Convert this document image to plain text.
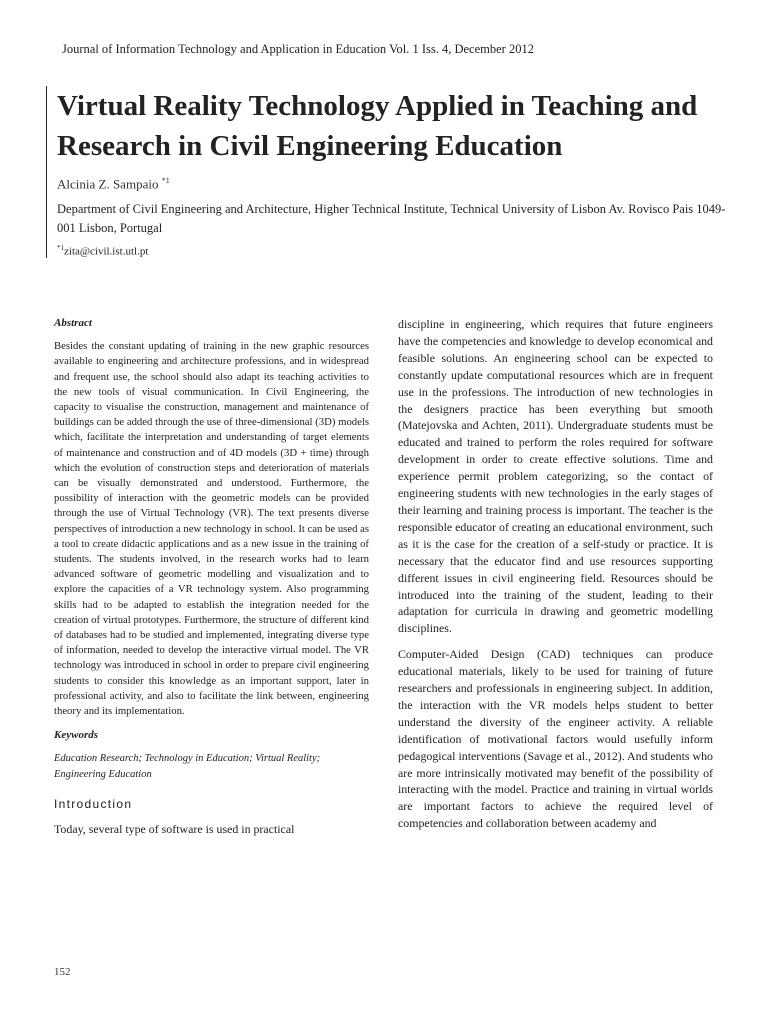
Journal of Information Technology and Application in Education Vol. 1 Iss. 4, December 2012
Virtual Reality Technology Applied in Teaching and Research in Civil Engineering Education
Alcinia Z. Sampaio $^{*1}$
Department of Civil Engineering and Architecture, Higher Technical Institute, Technical University of Lisbon Av. Rovisco Pais 1049-001 Lisbon, Portugal
$^{*1}$zita@civil.ist.utl.pt
Abstract

Besides the constant updating of training in the new graphic resources available to engineering and architecture professions, and in widespread and frequent use, the school should also adapt its teaching activities to the new tools of visual communication. In Civil Engineering, the capacity to visualise the construction, management and maintenance of buildings can be added through the use of three-dimensional (3D) models which, facilitate the interpretation and understanding of target elements of maintenance and construction and of 4D models (3D + time) through which the evolution of construction steps and deterioration of materials can be visually demonstrated and understood. Furthermore, the possibility of interaction with the geometric models can be provided through the use of Virtual Technology (VR). The text presents diverse perspectives of introduction a new technology in school. It can be used as a tool to create didactic applications and as a new issue in the training of students. The students involved, in the research works had to learn advanced software of geometric modelling and visualization and to explore the capacities of a VR technology system. Also programming skills had to be adapted to establish the integration needed for the creation of virtual prototypes. Furthermore, the structure of different kind of databases had to be studied and implemented, integrating diverse type of information, needed to develop the interactive virtual model. The VR technology was introduced in school in order to prepare civil engineering students to consider this knowledge as an important support, later in professional activity, and also to facilitate the link between, engineering theory and its implementation.

Keywords

Education Research; Technology in Education; Virtual Reality; Engineering Education

Introduction

Today, several type of software is used in practical

discipline in engineering, which requires that future engineers have the competencies and knowledge to develop economical and feasible solutions. An engineering school can be expected to constantly update computational resources which are in frequent use in the professions. The introduction of new technologies in the designers practice has been everything but smooth (Matejovska and Achten, 2011). Undergraduate students must be educated and trained to perform the roles required for software development in order to create effective solutions. Time and experience permit problem categorizing, so the contact of engineering students with new technologies in the early stages of their learning and training process is important. The teacher is the responsible educator of creating an educational environment, such as it is the case for the creation of a self-study or practice. It is necessary that the educator find and use resources supporting different issues in civil engineering field. Resources should be introduced into the training of the student, leading to their adaptation for curricula in drawing and geometric modelling disciplines.

Computer-Aided Design (CAD) techniques can produce educational materials, likely to be used for training of future researchers and professionals in engineering subject. In addition, the interaction with the VR models helps student to better understand the diversity of the engineer activity. A reliable identification of motivational factors would usefully inform pedagogical interventions (Savage et al., 2012). And students who are more intrinsically motivated may benefit of the possibility of interacting with the model. Practice and training in virtual worlds are important factors to achieve the required level of competencies and collaboration between academy and

152
